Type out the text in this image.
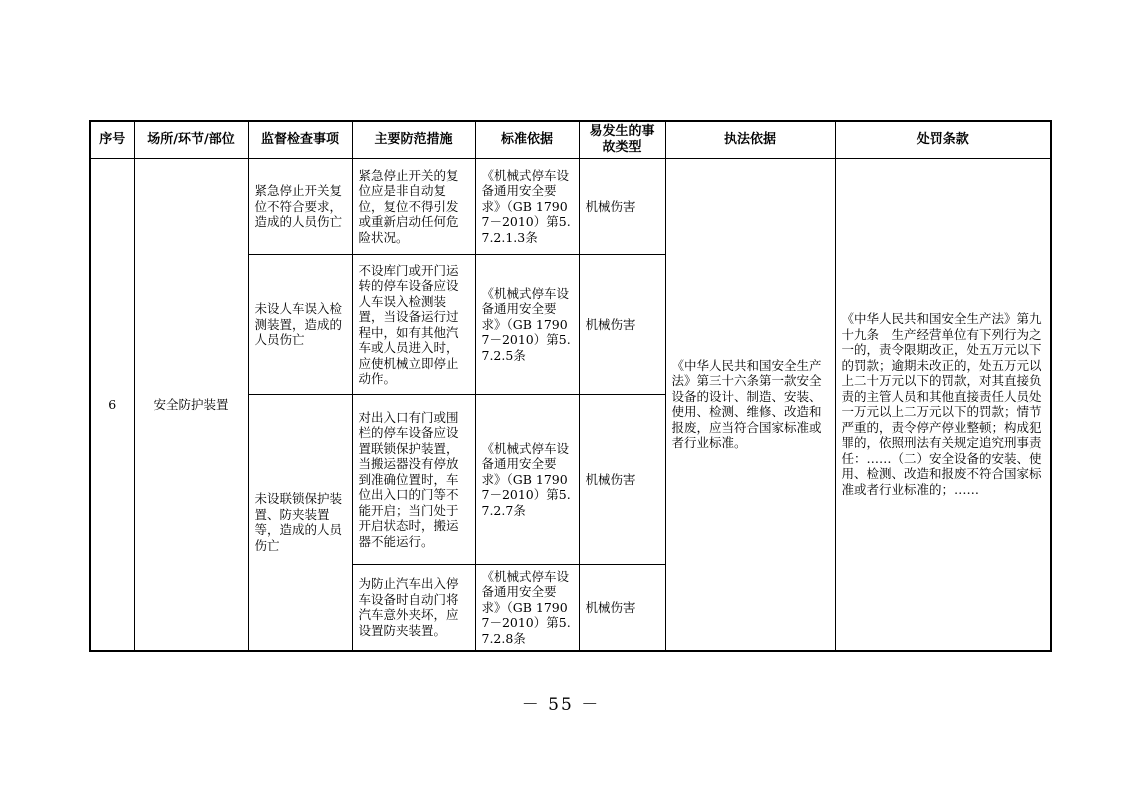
序号	场所/环节/部位	监督检查事项	主要防范措施	标准依据	易发生的事故类型	执法依据	处罚条款
6	安全防护装置	紧急停止开关复位不符合要求，造成的人员伤亡	紧急停止开关的复位应是非自动复位，复位不得引发或重新启动任何危险状况。	《机械式停车设备通用安全要求》（GB 17907－2010）第5.7.2.1.3条	机械伤害	《中华人民共和国安全生产法》第三十六条第一款安全设备的设计、制造、安装、使用、检测、维修、改造和报废，应当符合国家标准或者行业标准。	《中华人民共和国安全生产法》第九十九条　生产经营单位有下列行为之一的，责令限期改正，处五万元以下的罚款；逾期未改正的，处五万元以上二十万元以下的罚款，对其直接负责的主管人员和其他直接责任人员处一万元以上二万元以下的罚款；情节严重的，责令停产停业整顿；构成犯罪的，依照刑法有关规定追究刑事责任：……（二）安全设备的安装、使用、检测、改造和报废不符合国家标准或者行业标准的；……
		未设人车误入检测装置，造成的人员伤亡	不设库门或开门运转的停车设备应设人车误入检测装置，当设备运行过程中，如有其他汽车或人员进入时，应使机械立即停止动作。	《机械式停车设备通用安全要求》（GB 17907－2010）第5.7.2.5条	机械伤害		
		未设联锁保护装置、防夹装置等，造成的人员伤亡	对出入口有门或围栏的停车设备应设置联锁保护装置，当搬运器没有停放到准确位置时，车位出入口的门等不能开启；当门处于开启状态时，搬运器不能运行。	《机械式停车设备通用安全要求》（GB 17907－2010）第5.7.2.7条	机械伤害		
			为防止汽车出入停车设备时自动门将汽车意外夹坏，应设置防夹装置。	《机械式停车设备通用安全要求》（GB 17907－2010）第5.7.2.8条	机械伤害		
－ 55 －
